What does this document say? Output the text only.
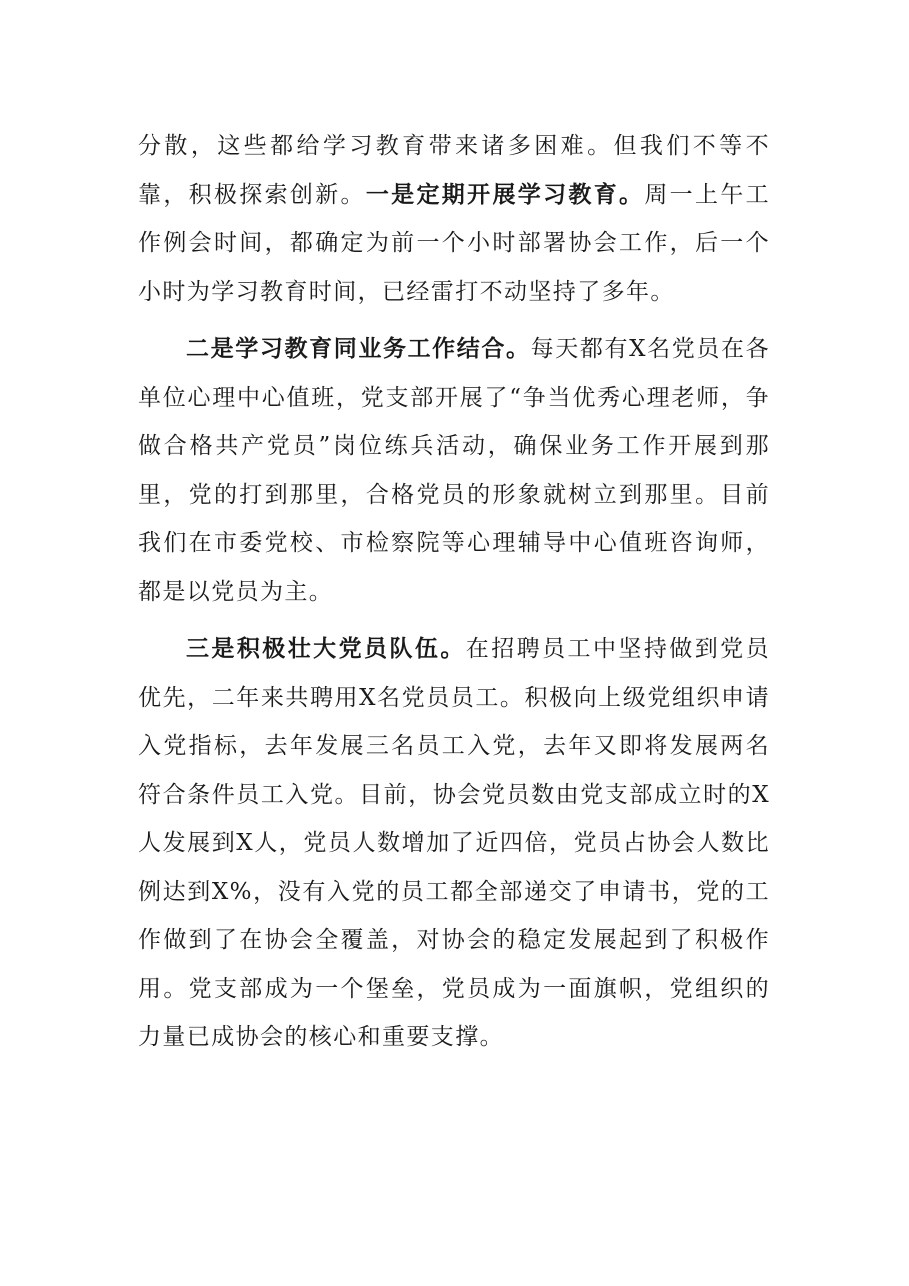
分散，这些都给学习教育带来诸多困难。但我们不等不靠，积极探索创新。一是定期开展学习教育。周一上午工作例会时间，都确定为前一个小时部署协会工作，后一个小时为学习教育时间，已经雷打不动坚持了多年。

二是学习教育同业务工作结合。每天都有X名党员在各单位心理中心值班，党支部开展了“争当优秀心理老师，争做合格共产党员”岗位练兵活动，确保业务工作开展到那里，党的打到那里，合格党员的形象就树立到那里。目前我们在市委党校、市检察院等心理辅导中心值班咨询师，都是以党员为主。

三是积极壮大党员队伍。在招聘员工中坚持做到党员优先，二年来共聘用X名党员员工。积极向上级党组织申请入党指标，去年发展三名员工入党，去年又即将发展两名符合条件员工入党。目前，协会党员数由党支部成立时的X人发展到X人，党员人数增加了近四倍，党员占协会人数比例达到X%，没有入党的员工都全部递交了申请书，党的工作做到了在协会全覆盖，对协会的稳定发展起到了积极作用。党支部成为一个堡垒，党员成为一面旗帜，党组织的力量已成协会的核心和重要支撑。
